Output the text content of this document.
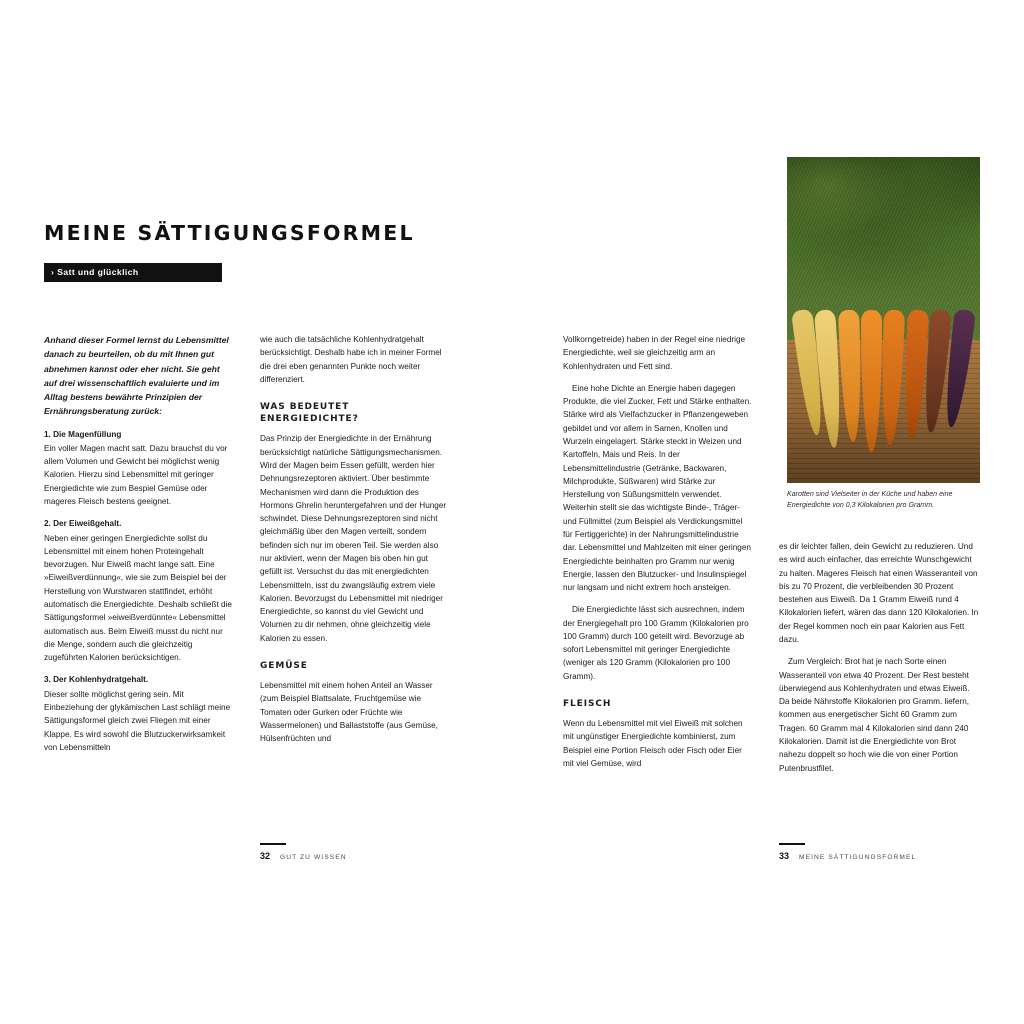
MEINE SÄTTIGUNGSFORMEL
› Satt und glücklich

Anhand dieser Formel lernst du Lebensmittel danach zu beurteilen, ob du mit Ihnen gut abnehmen kannst oder eher nicht. Sie geht auf drei wissenschaftlich evaluierte und im Alltag bestens bewährte Prinzipien der Ernährungsberatung zurück:

1. Die Magenfüllung

Ein voller Magen macht satt. Dazu brauchst du vor allem Volumen und Gewicht bei möglichst wenig Kalorien. Hierzu sind Lebensmittel mit geringer Energiedichte wie zum Bespiel Gemüse oder mageres Fleisch bestens geeignet.

2. Der Eiweißgehalt.

Neben einer geringen Energiedichte sollst du Lebensmittel mit einem hohen Proteingehalt bevorzugen. Nur Eiweiß macht lange satt. Eine »Eiweißverdünnung«, wie sie zum Beispiel bei der Herstellung von Wurstwaren stattfindet, erhöht automatisch die Energiedichte. Deshalb schließt die Sättigungsformel »eiweißverdünnte« Lebensmittel automatisch aus. Beim Eiweiß musst du nicht nur die Menge, sondern auch die gleichzeitig zugeführten Kalorien berücksichtigen.

3. Der Kohlenhydratgehalt.

Dieser sollte möglichst gering sein. Mit Einbeziehung der glykämischen Last schlägt meine Sättigungsformel gleich zwei Fliegen mit einer Klappe. Es wird sowohl die Blutzuckerwirksamkeit von Lebensmitteln

wie auch die tatsächliche Kohlenhydratgehalt berücksichtigt. Deshalb habe ich in meiner Formel die drei eben genannten Punkte noch weiter differenziert.

WAS BEDEUTET ENERGIEDICHTE?

Das Prinzip der Energiedichte in der Ernährung berücksichtigt natürliche Sättigungsmechanismen. Wird der Magen beim Essen gefüllt, werden hier Dehnungsrezeptoren aktiviert. Über bestimmte Mechanismen wird dann die Produktion des Hormons Ghrelin heruntergefahren und der Hunger schwindet. Diese Dehnungsrezeptoren sind nicht gleichmäßig über den Magen verteilt, sondern befinden sich nur im oberen Teil. Sie werden also nur aktiviert, wenn der Magen bis oben hin gut gefüllt ist. Versuchst du das mit energiedichten Lebensmitteln, isst du zwangsläufig extrem viele Kalorien. Bevorzugst du Lebensmittel mit niedriger Energiedichte, so kannst du viel Gewicht und Volumen zu dir nehmen, ohne gleichzeitig viele Kalorien zu essen.

GEMÜSE

Lebensmittel mit einem hohen Anteil an Wasser (zum Beispiel Blattsalate, Fruchtgemüse wie Tomaten oder Gurken oder Früchte wie Wassermelonen) und Ballaststoffe (aus Gemüse, Hülsenfrüchten und

Vollkorngetreide) haben in der Regel eine niedrige Energiedichte, weil sie gleichzeitig arm an Kohlenhydraten und Fett sind.

Eine hohe Dichte an Energie haben dagegen Produkte, die viel Zucker, Fett und Stärke enthalten. Stärke wird als Vielfachzucker in Pflanzengeweben gebildet und vor allem in Samen, Knollen und Wurzeln eingelagert. Stärke steckt in Weizen und Kartoffeln, Mais und Reis. In der Lebensmittelindustrie (Getränke, Backwaren, Milchprodukte, Süßwaren) wird Stärke zur Herstellung von Süßungsmitteln verwendet. Weiterhin stellt sie das wichtigste Binde-, Träger- und Füllmittel (zum Beispiel als Verdickungsmittel für Fertiggerichte) in der Nahrungsmittelindustrie dar. Lebensmittel und Mahlzeiten mit einer geringen Energiedichte beinhalten pro Gramm nur wenig Energie, lassen den Blutzucker- und Insulinspiegel nur langsam und nicht extrem hoch ansteigen.

Die Energiedichte lässt sich ausrechnen, indem der Energiegehalt pro 100 Gramm (Kilokalorien pro 100 Gramm) durch 100 geteilt wird. Bevorzuge ab sofort Lebensmittel mit geringer Energiedichte (weniger als 120 Gramm (Kilokalorien pro 100 Gramm).

FLEISCH

Wenn du Lebensmittel mit viel Eiweiß mit solchen mit ungünstiger Energiedichte kombinierst, zum Beispiel eine Portion Fleisch oder Fisch oder Eier mit viel Gemüse, wird

es dir leichter fallen, dein Gewicht zu reduzieren. Und es wird auch einfacher, das erreichte Wunschgewicht zu halten. Mageres Fleisch hat einen Wasseranteil von bis zu 70 Prozent, die verbleibenden 30 Prozent bestehen aus Eiweiß. Da 1 Gramm Eiweiß rund 4 Kilokalorien liefert, wären das dann 120 Kilokalorien. In der Regel kommen noch ein paar Kalorien aus Fett dazu.

Zum Vergleich: Brot hat je nach Sorte einen Wasseranteil von etwa 40 Prozent. Der Rest besteht überwiegend aus Kohlenhydraten und etwas Eiweiß. Da beide Nährstoffe Kilokalorien pro Gramm. liefern, kommen aus energetischer Sicht 60 Gramm zum Tragen. 60 Gramm mal 4 Kilokalorien sind dann 240 Kilokalorien. Damit ist die Energiedichte von Brot nahezu doppelt so hoch wie die von einer Portion Putenbrustfilet.

Karotten sind Vielseiter in der Küche und haben eine Energiedichte von 0,3 Kilokalorien pro Gramm.
32 GUT ZU WISSEN	33 MEINE SÄTTIGUNGSFORMEL
